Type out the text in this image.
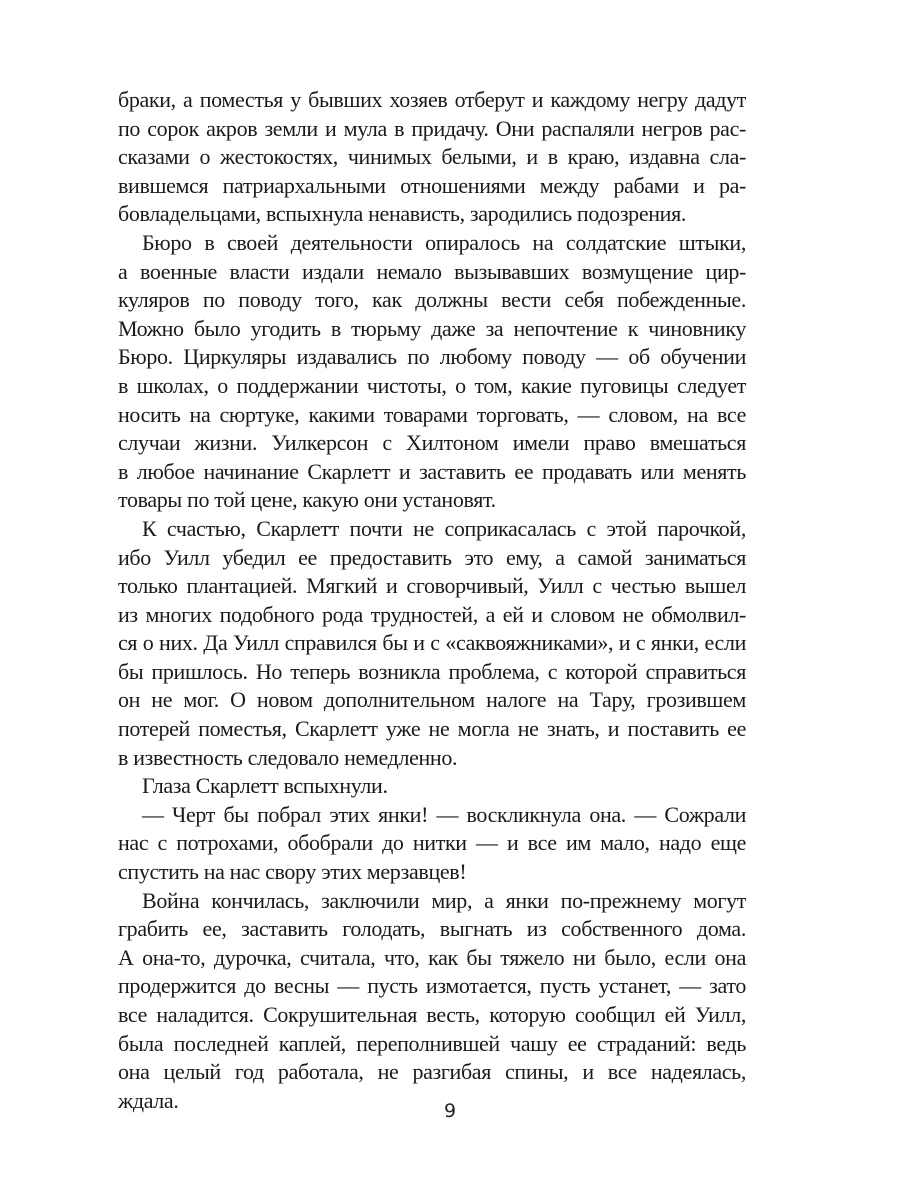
браки, а поместья у бывших хозяев отберут и каждому негру дадут
по сорок акров земли и мула в придачу. Они распаляли негров рас-
сказами о жестокостях, чинимых белыми, и в краю, издавна сла-
вившемся патриархальными отношениями между рабами и ра-
бовладельцами, вспыхнула ненависть, зародились подозрения.
Бюро в своей деятельности опиралось на солдатские штыки,
а военные власти издали немало вызывавших возмущение цир-
куляров по поводу того, как должны вести себя побежденные.
Можно было угодить в тюрьму даже за непочтение к чиновнику
Бюро. Циркуляры издавались по любому поводу — об обучении
в школах, о поддержании чистоты, о том, какие пуговицы следует
носить на сюртуке, какими товарами торговать, — словом, на все
случаи жизни. Уилкерсон с Хилтоном имели право вмешаться
в любое начинание Скарлетт и заставить ее продавать или менять
товары по той цене, какую они установят.
К счастью, Скарлетт почти не соприкасалась с этой парочкой,
ибо Уилл убедил ее предоставить это ему, а самой заниматься
только плантацией. Мягкий и сговорчивый, Уилл с честью вышел
из многих подобного рода трудностей, а ей и словом не обмолвил-
ся о них. Да Уилл справился бы и с «саквояжниками», и с янки, если
бы пришлось. Но теперь возникла проблема, с которой справиться
он не мог. О новом дополнительном налоге на Тару, грозившем
потерей поместья, Скарлетт уже не могла не знать, и поставить ее
в известность следовало немедленно.
Глаза Скарлетт вспыхнули.
— Черт бы побрал этих янки! — воскликнула она. — Сожрали
нас с потрохами, обобрали до нитки — и все им мало, надо еще
спустить на нас свору этих мерзавцев!
Война кончилась, заключили мир, а янки по-прежнему могут
грабить ее, заставить голодать, выгнать из собственного дома.
А она-то, дурочка, считала, что, как бы тяжело ни было, если она
продержится до весны — пусть измотается, пусть устанет, — зато
все наладится. Сокрушительная весть, которую сообщил ей Уилл,
была последней каплей, переполнившей чашу ее страданий: ведь
она целый год работала, не разгибая спины, и все надеялась,
ждала.	9
